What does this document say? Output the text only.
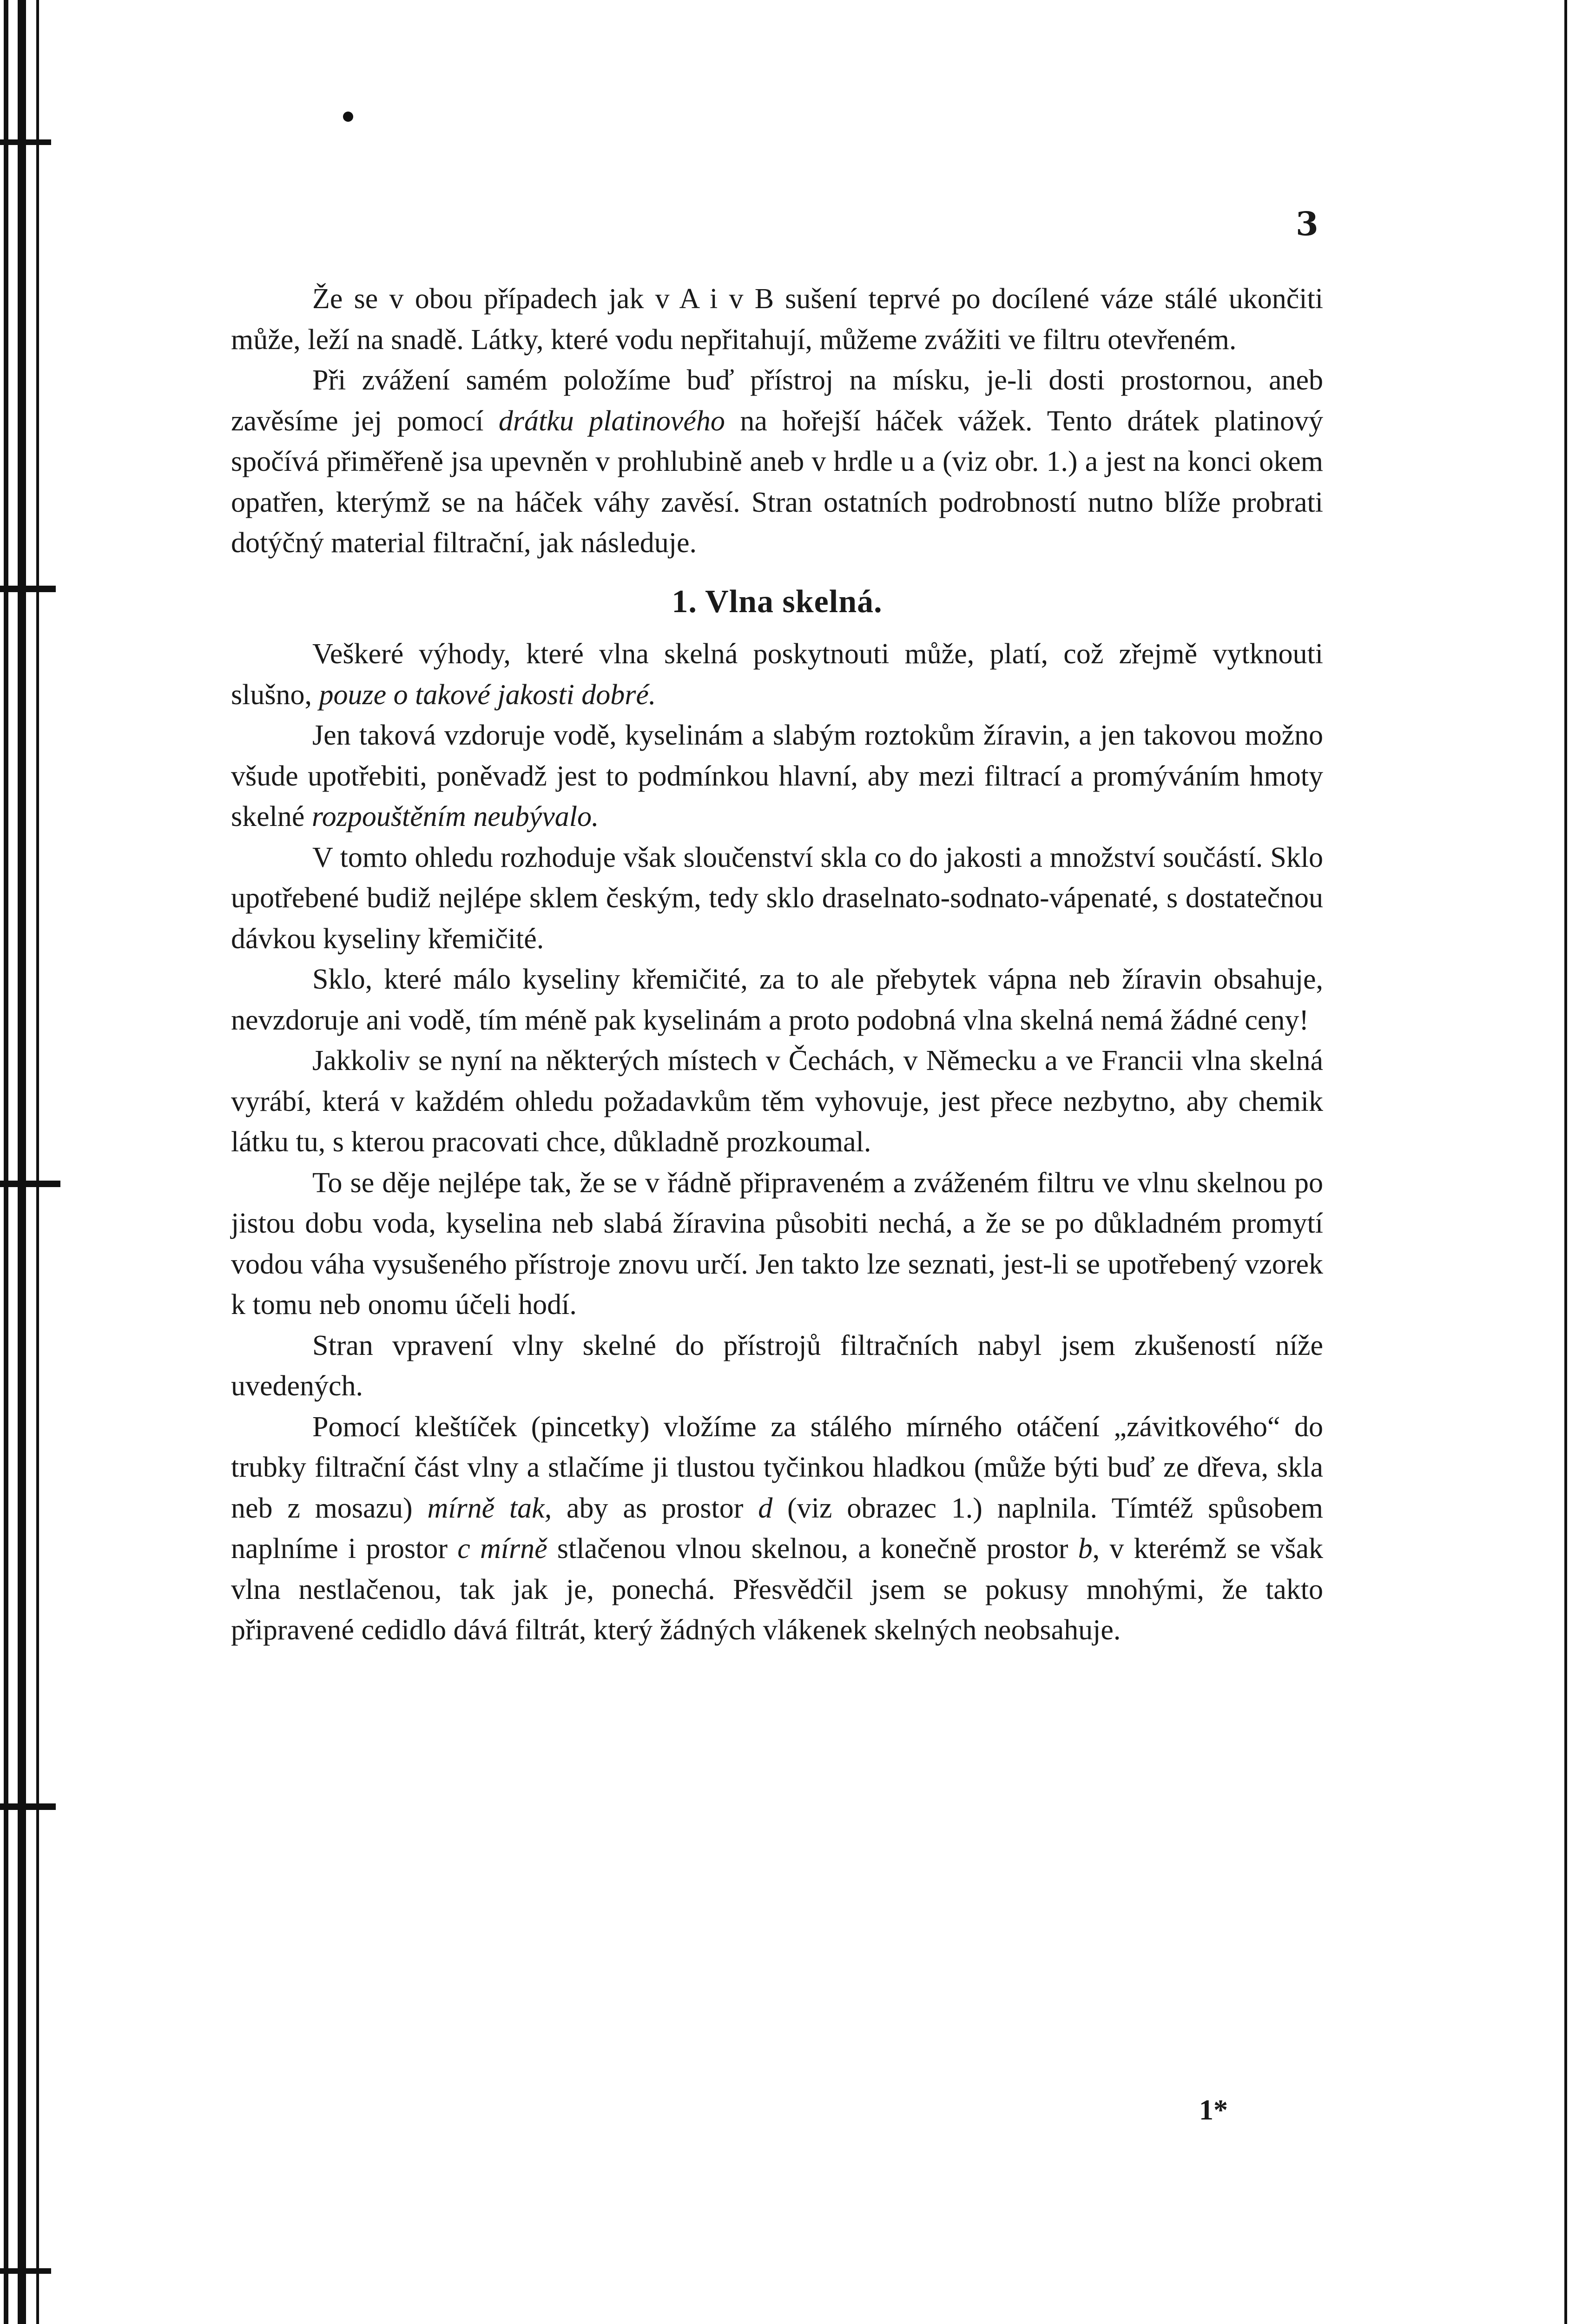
3

Že se v obou případech jak v A i v B sušení teprvé po docílené váze stálé ukončiti může, leží na snadě. Látky, které vodu nepřitahují, můžeme zvážiti ve filtru otevřeném.

Při zvážení samém položíme buď přístroj na mísku, je-li dosti prostornou, aneb zavěsíme jej pomocí drátku platinového na hořejší háček vážek. Tento drátek platinový spočívá přiměřeně jsa upevněn v prohlubině aneb v hrdle u a (viz obr. 1.) a jest na konci okem opatřen, kterýmž se na háček váhy zavěsí. Stran ostatních podrobností nutno blíže probrati dotýčný material filtrační, jak následuje.

1. Vlna skelná.

Veškeré výhody, které vlna skelná poskytnouti může, platí, což zřejmě vytknouti slušno, pouze o takové jakosti dobré.

Jen taková vzdoruje vodě, kyselinám a slabým roztokům žíravin, a jen takovou možno všude upotřebiti, poněvadž jest to podmínkou hlavní, aby mezi filtrací a promýváním hmoty skelné rozpouštěním neubývalo.

V tomto ohledu rozhoduje však sloučenství skla co do jakosti a množství součástí. Sklo upotřebené budiž nejlépe sklem českým, tedy sklo draselnato-sodnato-vápenaté, s dostatečnou dávkou kyseliny křemičité.

Sklo, které málo kyseliny křemičité, za to ale přebytek vápna neb žíravin obsahuje, nevzdoruje ani vodě, tím méně pak kyselinám a proto podobná vlna skelná nemá žádné ceny!

Jakkoliv se nyní na některých místech v Čechách, v Německu a ve Francii vlna skelná vyrábí, která v každém ohledu požadavkům těm vyhovuje, jest přece nezbytno, aby chemik látku tu, s kterou pracovati chce, důkladně prozkoumal.

To se děje nejlépe tak, že se v řádně připraveném a zváženém filtru ve vlnu skelnou po jistou dobu voda, kyselina neb slabá žíravina působiti nechá, a že se po důkladném promytí vodou váha vysušeného přístroje znovu určí. Jen takto lze seznati, jest-li se upotřebený vzorek k tomu neb onomu účeli hodí.

Stran vpravení vlny skelné do přístrojů filtračních nabyl jsem zkušeností níže uvedených.

Pomocí kleštíček (pincetky) vložíme za stálého mírného otáčení „závitkového“ do trubky filtrační část vlny a stlačíme ji tlustou tyčinkou hladkou (může býti buď ze dřeva, skla neb z mosazu) mírně tak, aby as prostor d (viz obrazec 1.) naplnila. Tímtéž spůsobem naplníme i prostor c mírně stlačenou vlnou skelnou, a konečně prostor b, v kterémž se však vlna nestlačenou, tak jak je, ponechá. Přesvědčil jsem se pokusy mnohými, že takto připravené cedidlo dává filtrát, který žádných vlákenek skelných neobsahuje.

1*
